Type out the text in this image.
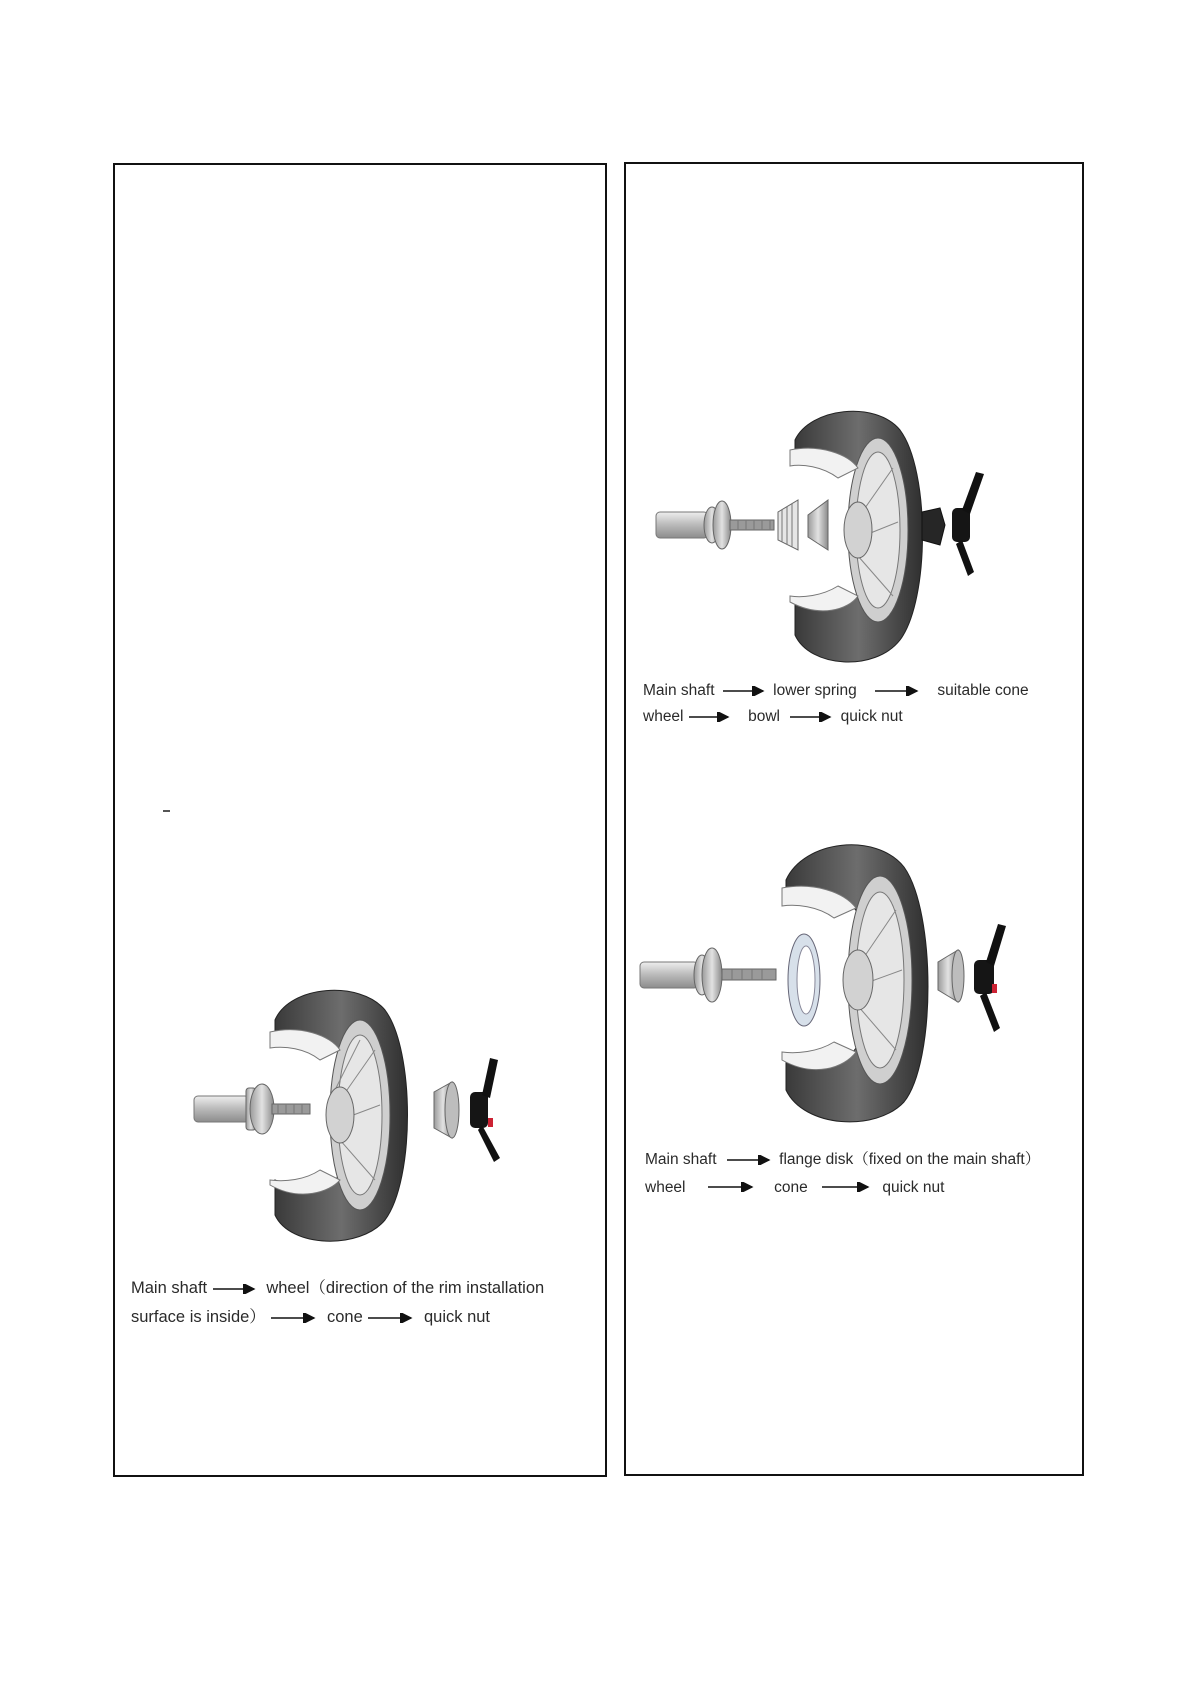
Main shaft	wheel（direction of the rim installation
surface is inside）	cone	quick nut
Main shaft	lower spring	suitable cone
wheel	bowl	quick nut
Main shaft	flange disk（fixed on the main shaft）
wheel	cone	quick nut
